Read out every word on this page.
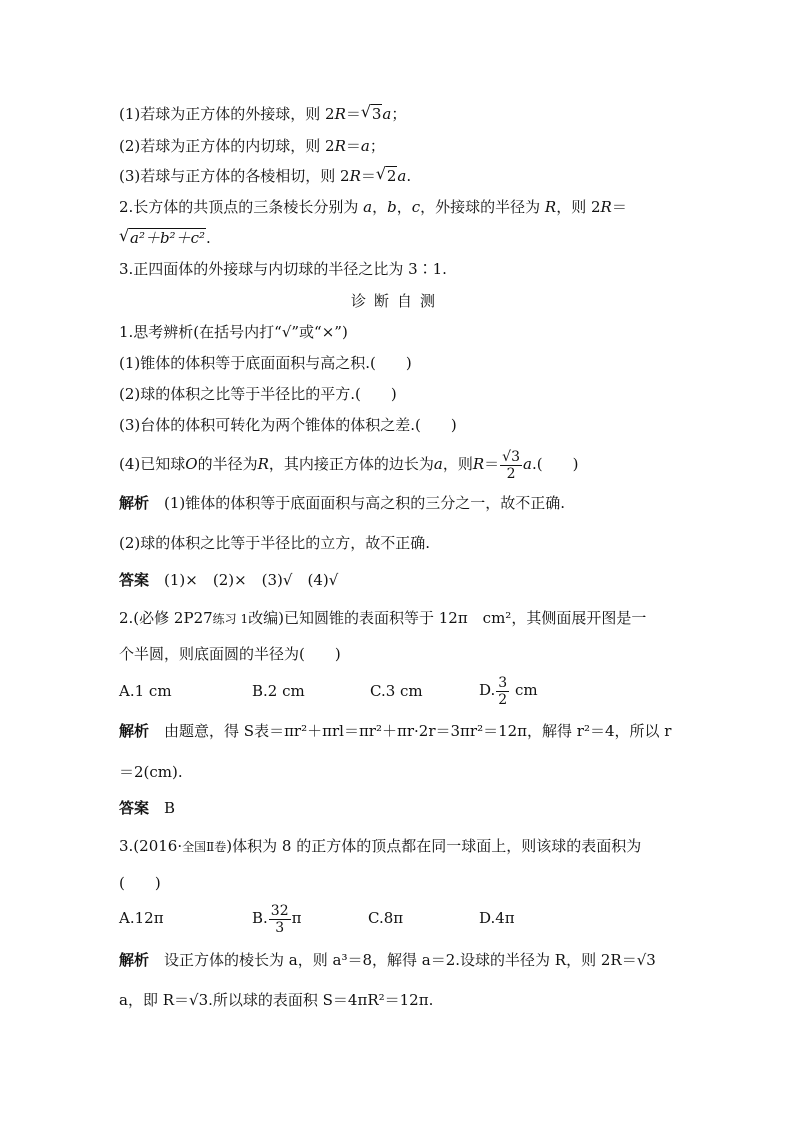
(1)若球为正方体的外接球，则 2R＝ √ 3a；
(2)若球为正方体的内切球，则 2R＝a；
(3)若球与正方体的各棱相切，则 2R＝ √ 2a.
2.长方体的共顶点的三条棱长分别为 a，b，c，外接球的半径为 R，则 2R＝
√ a²＋b²＋c².
3.正四面体的外接球与内切球的半径之比为 3∶1.
诊断自测
1.思考辨析(在括号内打“√”或“×”)
(1)锥体的体积等于底面面积与高之积.(　　)
(2)球的体积之比等于半径比的平方.(　　)
(3)台体的体积可转化为两个锥体的体积之差.(　　)
(4)已知球O的半径为R，其内接正方体的边长为a，则$R= \frac{√3}{2} a$.(　　)
解析　 (1)锥体的体积等于底面面积与高之积的三分之一，故不正确.
(2)球的体积之比等于半径比的立方，故不正确.
答案　 (1)×　(2)×　(3)√　(4)√
2.(必修 2P27练习 1改编)已知圆锥的表面积等于 12π　cm²，其侧面展开图是一
个半圆，则底面圆的半径为(　　)
A.1 cm	B.2 cm	C.3 cm	D. $\frac{3}{2}$ cm
解析　 由题意，得 S表＝πr²＋πrl＝πr²＋πr·2r＝3πr²＝12π，解得 r²＝4，所以 r
＝2(cm).
答案　 B
3.(2016·全国Ⅱ卷)体积为 8 的正方体的顶点都在同一球面上，则该球的表面积为
(　　)
A.12π	B. $\frac{32}{3}$ π	C.8π	D.4π
解析　 设正方体的棱长为 a，则 a³＝8，解得 a＝2.设球的半径为 R，则 2R＝√3
a，即 R＝√3.所以球的表面积 S＝4πR²＝12π.
